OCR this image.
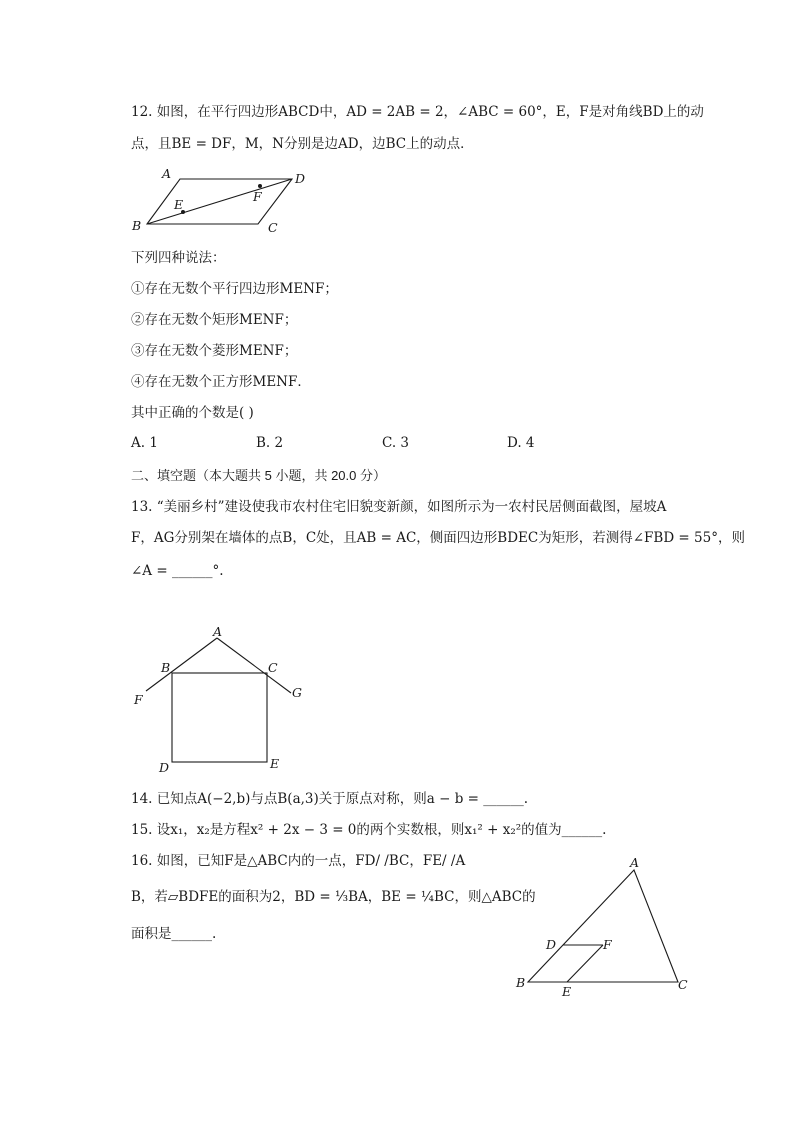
12. 如图，在平行四边形ABCD中，AD = 2AB = 2，∠ABC = 60°，E，F是对角线BD上的动
点，且BE = DF，M，N分别是边AD，边BC上的动点．
A
B	C
D
E
F
下列四种说法：
①存在无数个平行四边形MENF；
②存在无数个矩形MENF；
③存在无数个菱形MENF；
④存在无数个正方形MENF．
其中正确的个数是( )
A. 1	B. 2	C. 3	D. 4
二、填空题（本大题共 5 小题，共 20.0 分）
13. “美丽乡村”建设使我市农村住宅旧貌变新颜，如图所示为一农村民居侧面截图，屋坡A
F，AG分别架在墙体的点B，C处，且AB = AC，侧面四边形BDEC为矩形，若测得∠FBD = 55°，则
∠A = ______°.
A
B	C
D	E
F	G
14. 已知点A(−2,b)与点B(a,3)关于原点对称，则a − b = ______.
15. 设x₁，x₂是方程x² + 2x − 3 = 0的两个实数根，则x₁² + x₂²的值为______.
16. 如图，已知F是△ABC内的一点，FD/ /BC，FE/ /A
B，若▱BDFE的面积为2，BD = ⅓BA，BE = ¼BC，则△ABC的
面积是______.
A
B	C
D	F
E
